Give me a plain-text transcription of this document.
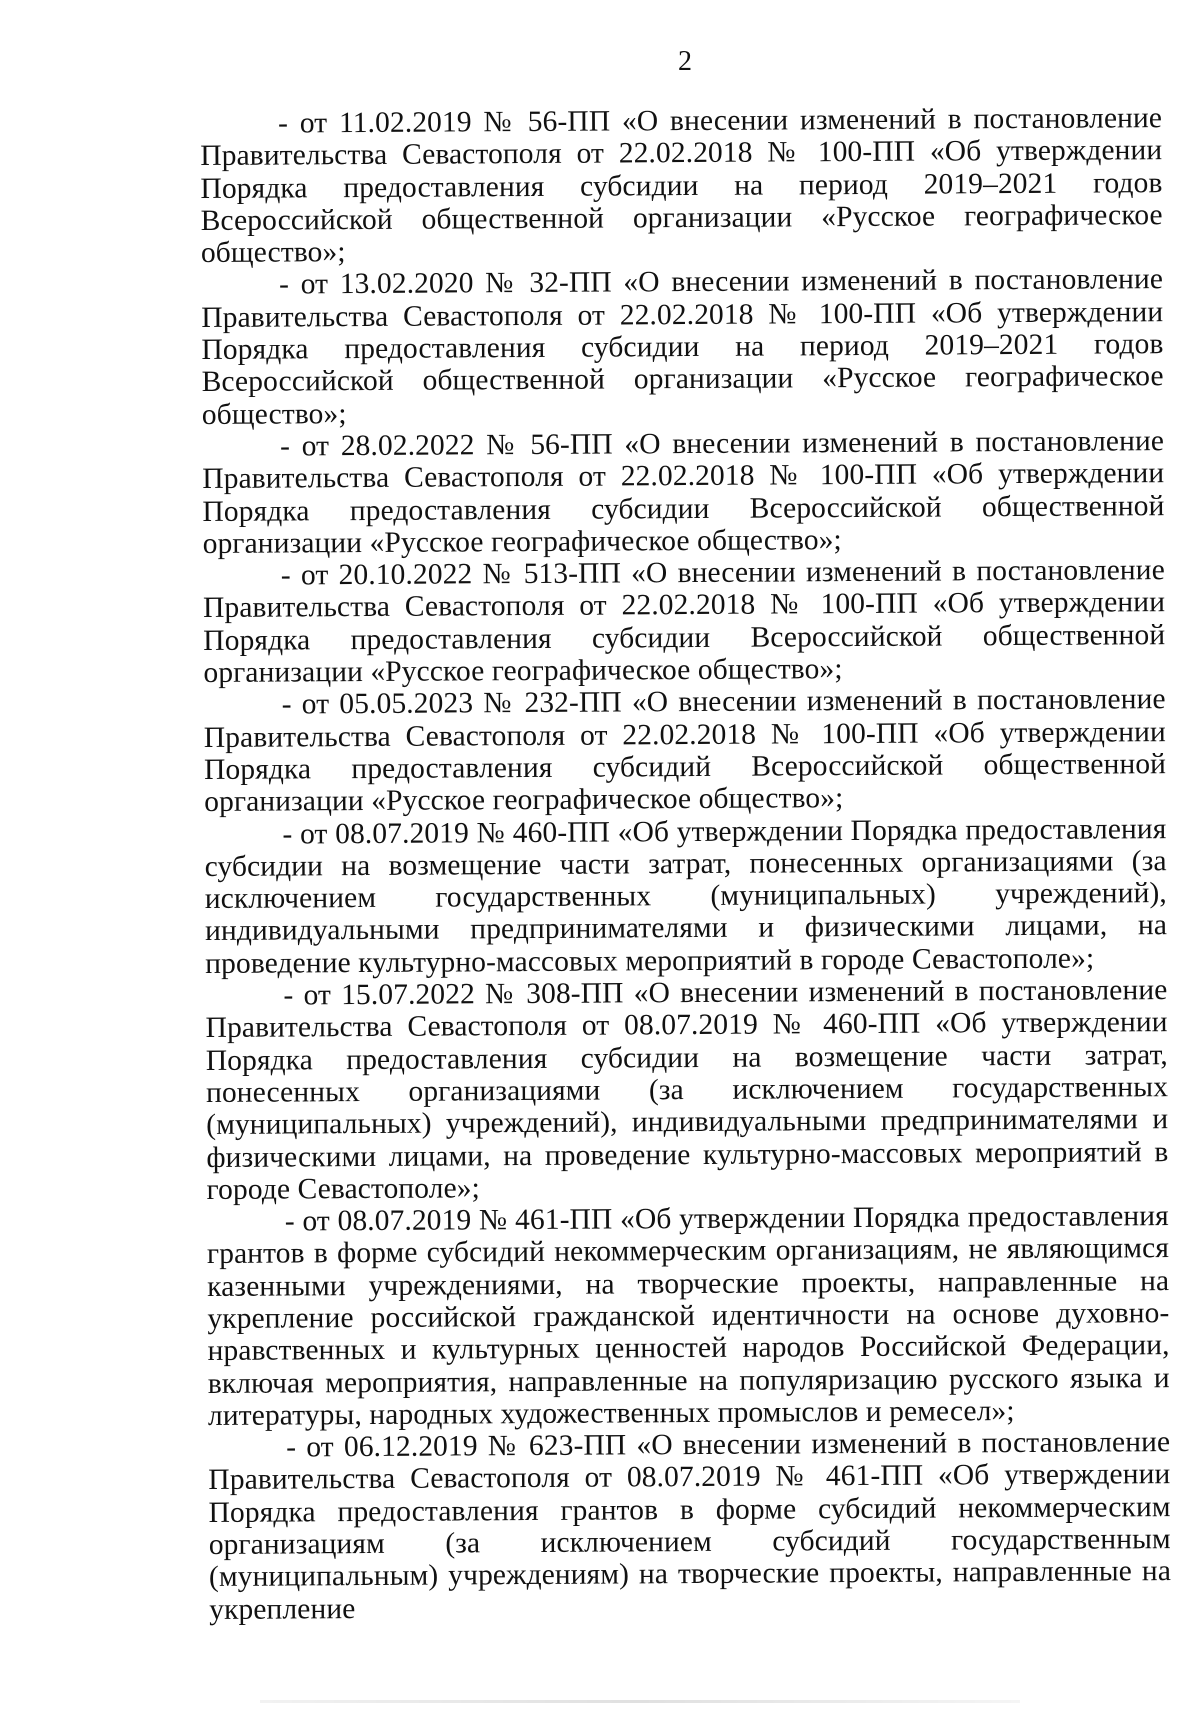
2

- от 11.02.2019 № 56-ПП «О внесении изменений в постановление Правительства Севастополя от 22.02.2018 № 100-ПП «Об утверждении Порядка предоставления субсидии на период 2019–2021 годов Всероссийской общественной организации «Русское географическое общество»;

- от 13.02.2020 № 32-ПП «О внесении изменений в постановление Правительства Севастополя от 22.02.2018 № 100-ПП «Об утверждении Порядка предоставления субсидии на период 2019–2021 годов Всероссийской общественной организации «Русское географическое общество»;

- от 28.02.2022 № 56-ПП «О внесении изменений в постановление Правительства Севастополя от 22.02.2018 № 100-ПП «Об утверждении Порядка предоставления субсидии Всероссийской общественной организации «Русское географическое общество»;

- от 20.10.2022 № 513-ПП «О внесении изменений в постановление Правительства Севастополя от 22.02.2018 № 100-ПП «Об утверждении Порядка предоставления субсидии Всероссийской общественной организации «Русское географическое общество»;

- от 05.05.2023 № 232-ПП «О внесении изменений в постановление Правительства Севастополя от 22.02.2018 № 100-ПП «Об утверждении Порядка предоставления субсидий Всероссийской общественной организации «Русское географическое общество»;

- от 08.07.2019 № 460-ПП «Об утверждении Порядка предоставления субсидии на возмещение части затрат, понесенных организациями (за исключением государственных (муниципальных) учреждений), индивидуальными предпринимателями и физическими лицами, на проведение культурно-массовых мероприятий в городе Севастополе»;

- от 15.07.2022 № 308-ПП «О внесении изменений в постановление Правительства Севастополя от 08.07.2019 № 460-ПП «Об утверждении Порядка предоставления субсидии на возмещение части затрат, понесенных организациями (за исключением государственных (муниципальных) учреждений), индивидуальными предпринимателями и физическими лицами, на проведение культурно-массовых мероприятий в городе Севастополе»;

- от 08.07.2019 № 461-ПП «Об утверждении Порядка предоставления грантов в форме субсидий некоммерческим организациям, не являющимся казенными учреждениями, на творческие проекты, направленные на укрепление российской гражданской идентичности на основе духовно-нравственных и культурных ценностей народов Российской Федерации, включая мероприятия, направленные на популяризацию русского языка и литературы, народных художественных промыслов и ремесел»;

- от 06.12.2019 № 623-ПП «О внесении изменений в постановление Правительства Севастополя от 08.07.2019 № 461-ПП «Об утверждении Порядка предоставления грантов в форме субсидий некоммерческим организациям (за исключением субсидий государственным (муниципальным) учреждениям) на творческие проекты, направленные на укрепление
